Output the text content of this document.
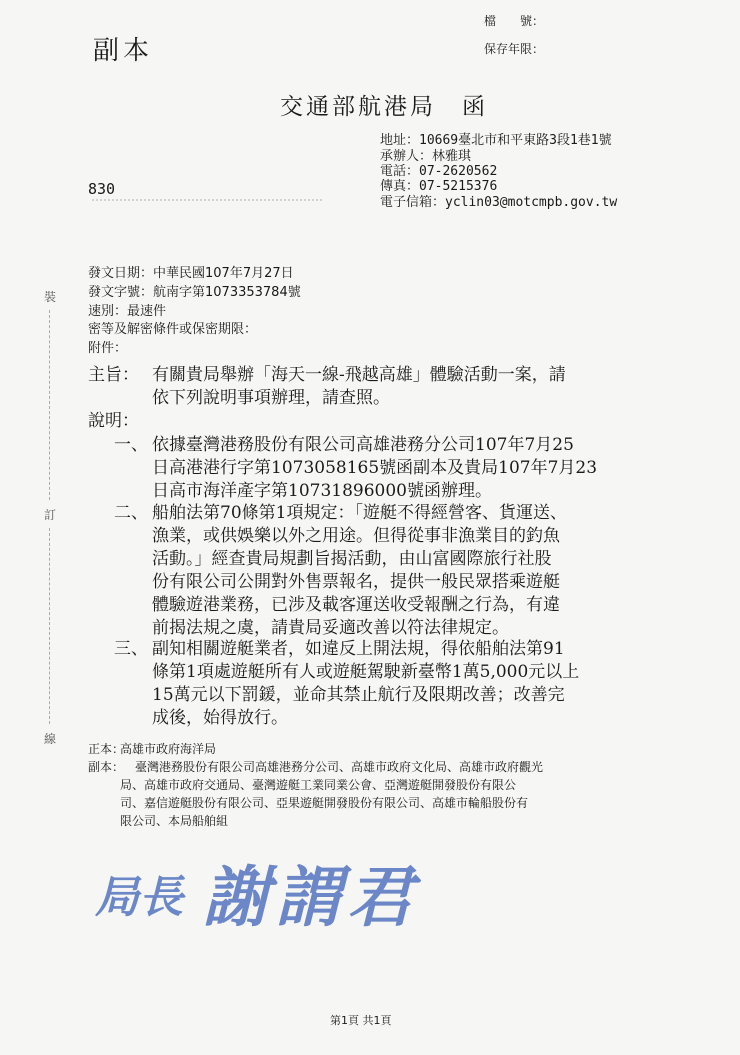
副本
檔　　號：
保存年限：
交通部航港局　函
地址：10669臺北市和平東路3段1巷1號
承辦人：林雅琪
電話：07-2620562
傳真：07-5215376
電子信箱：yclin03@motcmpb.gov.tw
830
發文日期：中華民國107年7月27日
發文字號：航南字第1073353784號
速別：最速件
密等及解密條件或保密期限：
附件：
裝
訂
線
主旨： 有關貴局舉辦「海天一線-飛越高雄」體驗活動一案，請
依下列說明事項辦理，請查照。
說明：
一、 依據臺灣港務股份有限公司高雄港務分公司107年7月25
日高港港行字第1073058165號函副本及貴局107年7月23
日高市海洋產字第10731896000號函辦理。
二、 船舶法第70條第1項規定：「遊艇不得經營客、貨運送、
漁業，或供娛樂以外之用途。但得從事非漁業目的釣魚
活動。」經查貴局規劃旨揭活動，由山富國際旅行社股
份有限公司公開對外售票報名，提供一般民眾搭乘遊艇
體驗遊港業務，已涉及載客運送收受報酬之行為，有違
前揭法規之虞，請貴局妥適改善以符法律規定。
三、 副知相關遊艇業者，如違反上開法規，得依船舶法第91
條第1項處遊艇所有人或遊艇駕駛新臺幣1萬5,000元以上
15萬元以下罰鍰，並命其禁止航行及限期改善；改善完
成後，始得放行。
正本：
高雄市政府海洋局
副本： 臺灣港務股份有限公司高雄港務分公司、高雄市政府文化局、高雄市政府觀光
局、高雄市政府交通局、臺灣遊艇工業同業公會、亞灣遊艇開發股份有限公
司、嘉信遊艇股份有限公司、亞果遊艇開發股份有限公司、高雄市輪船股份有
限公司、本局船舶組
局長 謝謂君
第1頁 共1頁
